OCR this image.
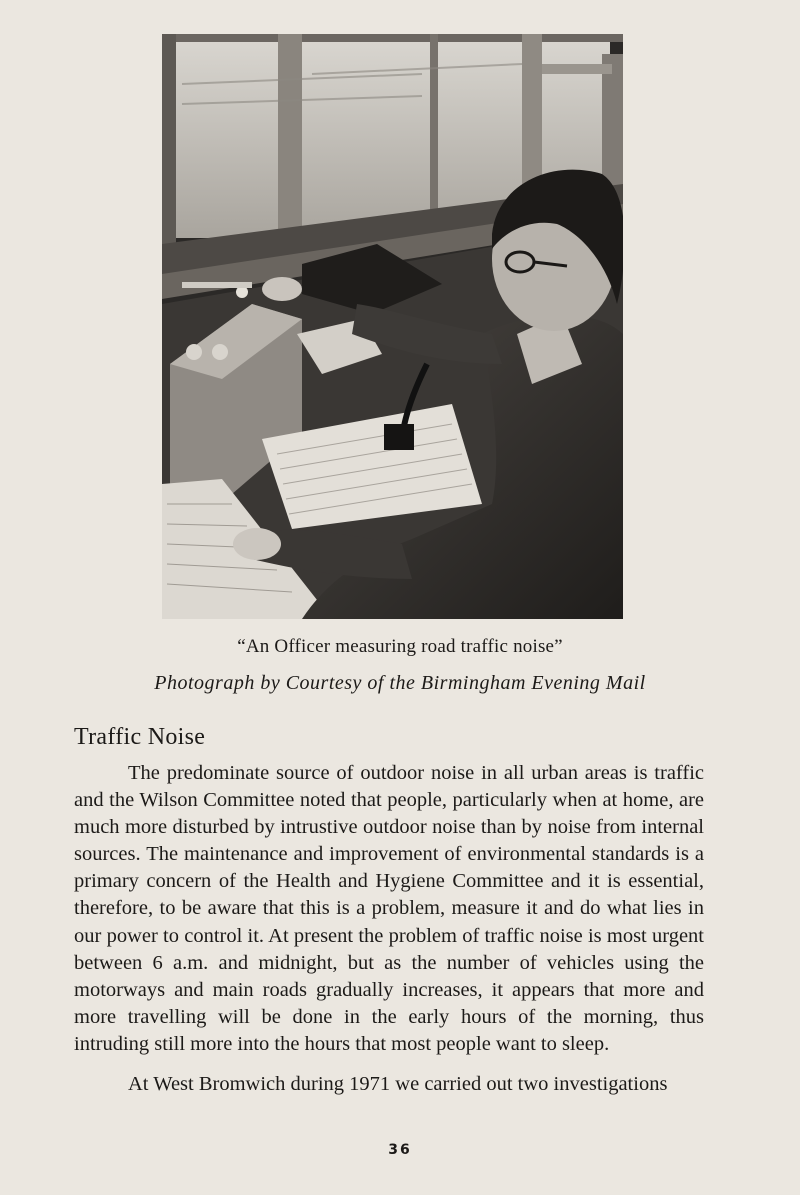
“An Officer measuring road traffic noise”
Photograph by Courtesy of the Birmingham Evening Mail
Traffic Noise

The predominate source of outdoor noise in all urban areas is traffic and the Wilson Committee noted that people, particularly when at home, are much more disturbed by intrustive outdoor noise than by noise from internal sources. The maintenance and improvement of environmental standards is a primary concern of the Health and Hygiene Committee and it is essential, therefore, to be aware that this is a problem, measure it and do what lies in our power to control it. At present the problem of traffic noise is most urgent between 6 a.m. and midnight, but as the number of vehicles using the motorways and main roads gradually increases, it appears that more and more travelling will be done in the early hours of the morning, thus intruding still more into the hours that most people want to sleep.

At West Bromwich during 1971 we carried out two investigations

36
